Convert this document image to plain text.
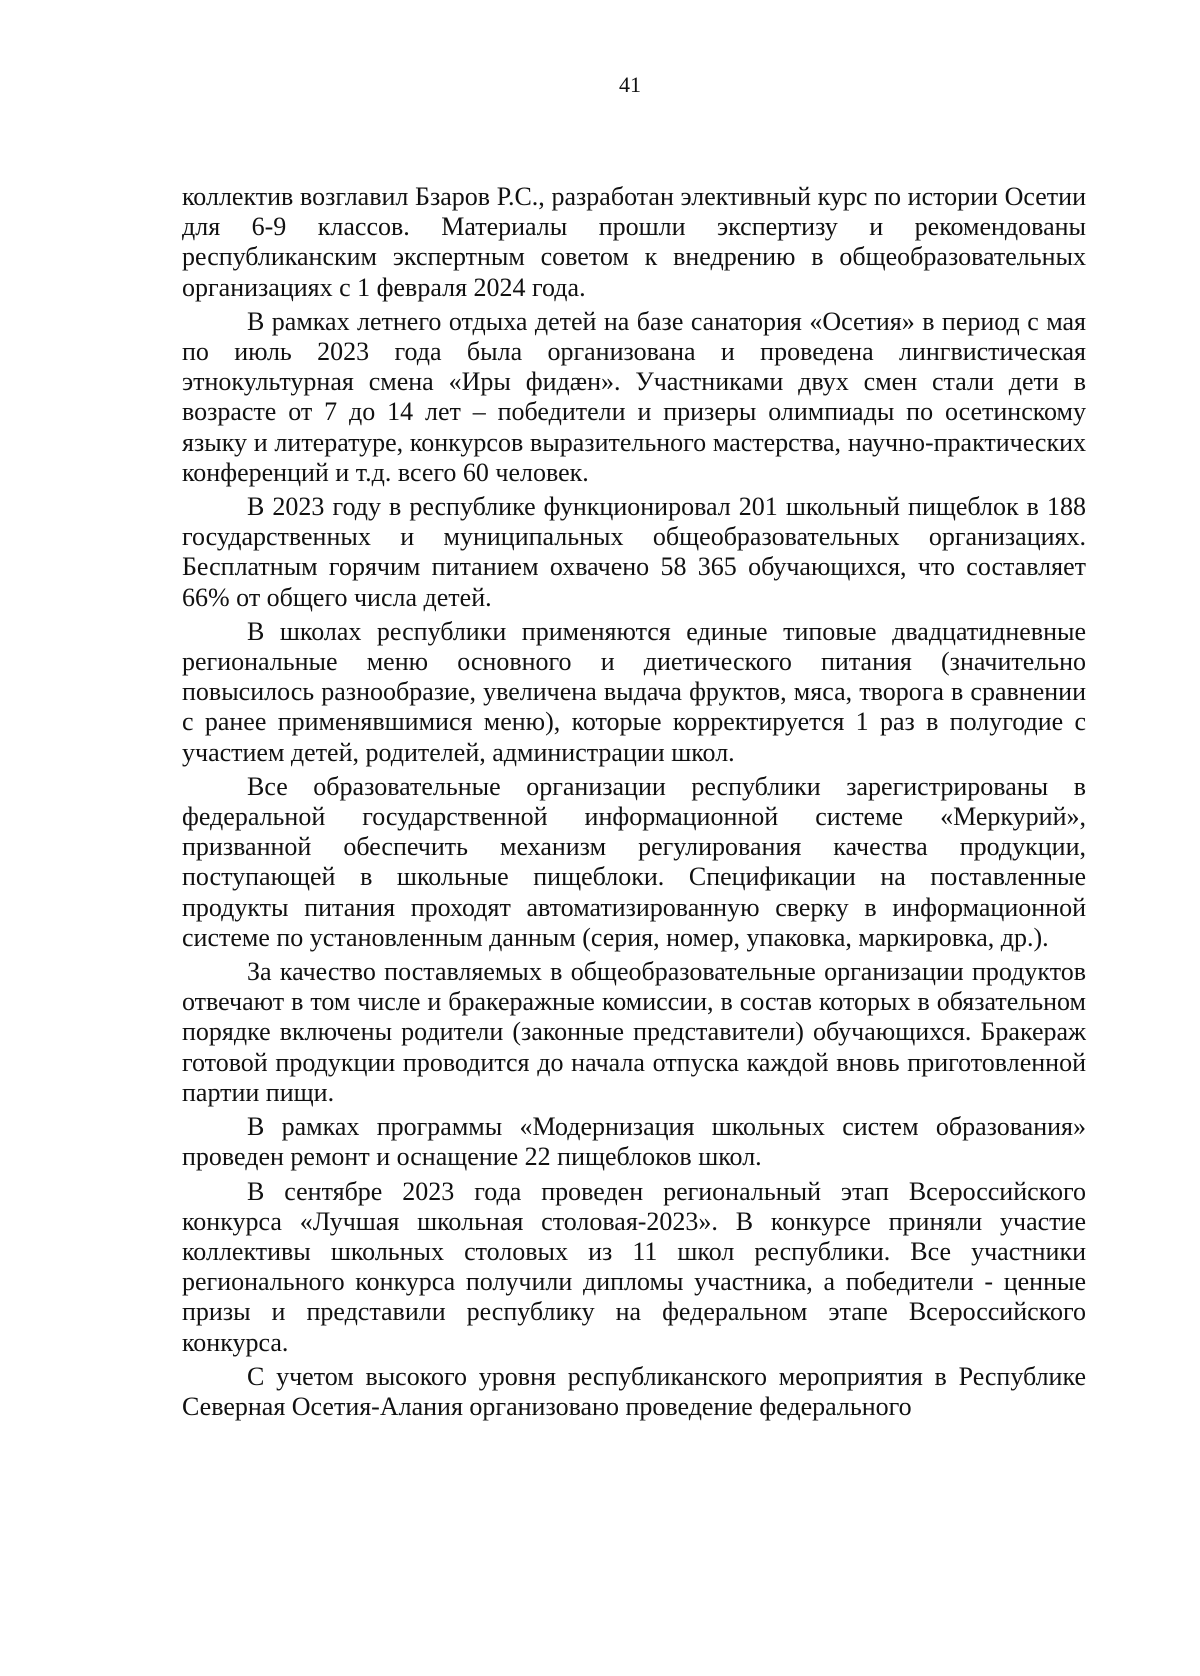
41

коллектив возглавил Бзаров Р.С., разработан элективный курс по истории Осетии для 6-9 классов. Материалы прошли экспертизу и рекомендованы республиканским экспертным советом к внедрению в общеобразовательных организациях с 1 февраля 2024 года.

В рамках летнего отдыха детей на базе санатория «Осетия» в период с мая по июль 2023 года была организована и проведена лингвистическая этнокультурная смена «Иры фидæн». Участниками двух смен стали дети в возрасте от 7 до 14 лет – победители и призеры олимпиады по осетинскому языку и литературе, конкурсов выразительного мастерства, научно-практических конференций и т.д. всего 60 человек.

В 2023 году в республике функционировал 201 школьный пищеблок в 188 государственных и муниципальных общеобразовательных организациях. Бесплатным горячим питанием охвачено 58 365 обучающихся, что составляет 66% от общего числа детей.

В школах республики применяются единые типовые двадцатидневные региональные меню основного и диетического питания (значительно повысилось разнообразие, увеличена выдача фруктов, мяса, творога в сравнении с ранее применявшимися меню), которые корректируется 1 раз в полугодие с участием детей, родителей, администрации школ.

Все образовательные организации республики зарегистрированы в федеральной государственной информационной системе «Меркурий», призванной обеспечить механизм регулирования качества продукции, поступающей в школьные пищеблоки. Спецификации на поставленные продукты питания проходят автоматизированную сверку в информационной системе по установленным данным (серия, номер, упаковка, маркировка, др.).

За качество поставляемых в общеобразовательные организации продуктов отвечают в том числе и бракеражные комиссии, в состав которых в обязательном порядке включены родители (законные представители) обучающихся. Бракераж готовой продукции проводится до начала отпуска каждой вновь приготовленной партии пищи.

В рамках программы «Модернизация школьных систем образования» проведен ремонт и оснащение 22 пищеблоков школ.

В сентябре 2023 года проведен региональный этап Всероссийского конкурса «Лучшая школьная столовая-2023». В конкурсе приняли участие коллективы школьных столовых из 11 школ республики. Все участники регионального конкурса получили дипломы участника, а победители - ценные призы и представили республику на федеральном этапе Всероссийского конкурса.

С учетом высокого уровня республиканского мероприятия в Республике Северная Осетия-Алания организовано проведение федерального
